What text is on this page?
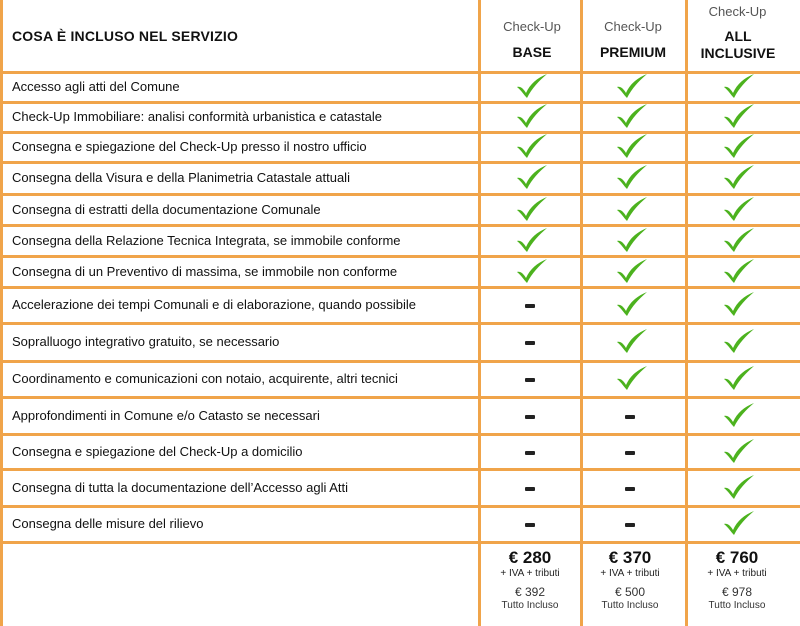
COSA È INCLUSO NEL SERVIZIO
Check-Up
BASE
Check-Up
PREMIUM
Check-Up
ALL INCLUSIVE
Accesso agli atti del Comune
Check-Up Immobiliare: analisi conformità urbanistica e catastale
Consegna e spiegazione del Check-Up presso il nostro ufficio
Consegna della Visura e della Planimetria Catastale attuali
Consegna di estratti della documentazione Comunale
Consegna della Relazione Tecnica Integrata, se immobile conforme
Consegna di un Preventivo di massima, se immobile non conforme
Accelerazione dei tempi Comunali e di elaborazione, quando possibile
Sopralluogo integrativo gratuito, se necessario
Coordinamento e comunicazioni con notaio, acquirente, altri tecnici
Approfondimenti in Comune e/o Catasto se necessari
Consegna e spiegazione del Check-Up a domicilio
Consegna di tutta la documentazione dell’Accesso agli Atti
Consegna delle misure del rilievo
€ 280
+ IVA + tributi
€ 392
Tutto Incluso
€ 370
+ IVA + tributi
€ 500
Tutto Incluso
€ 760
+ IVA + tributi
€ 978
Tutto Incluso
